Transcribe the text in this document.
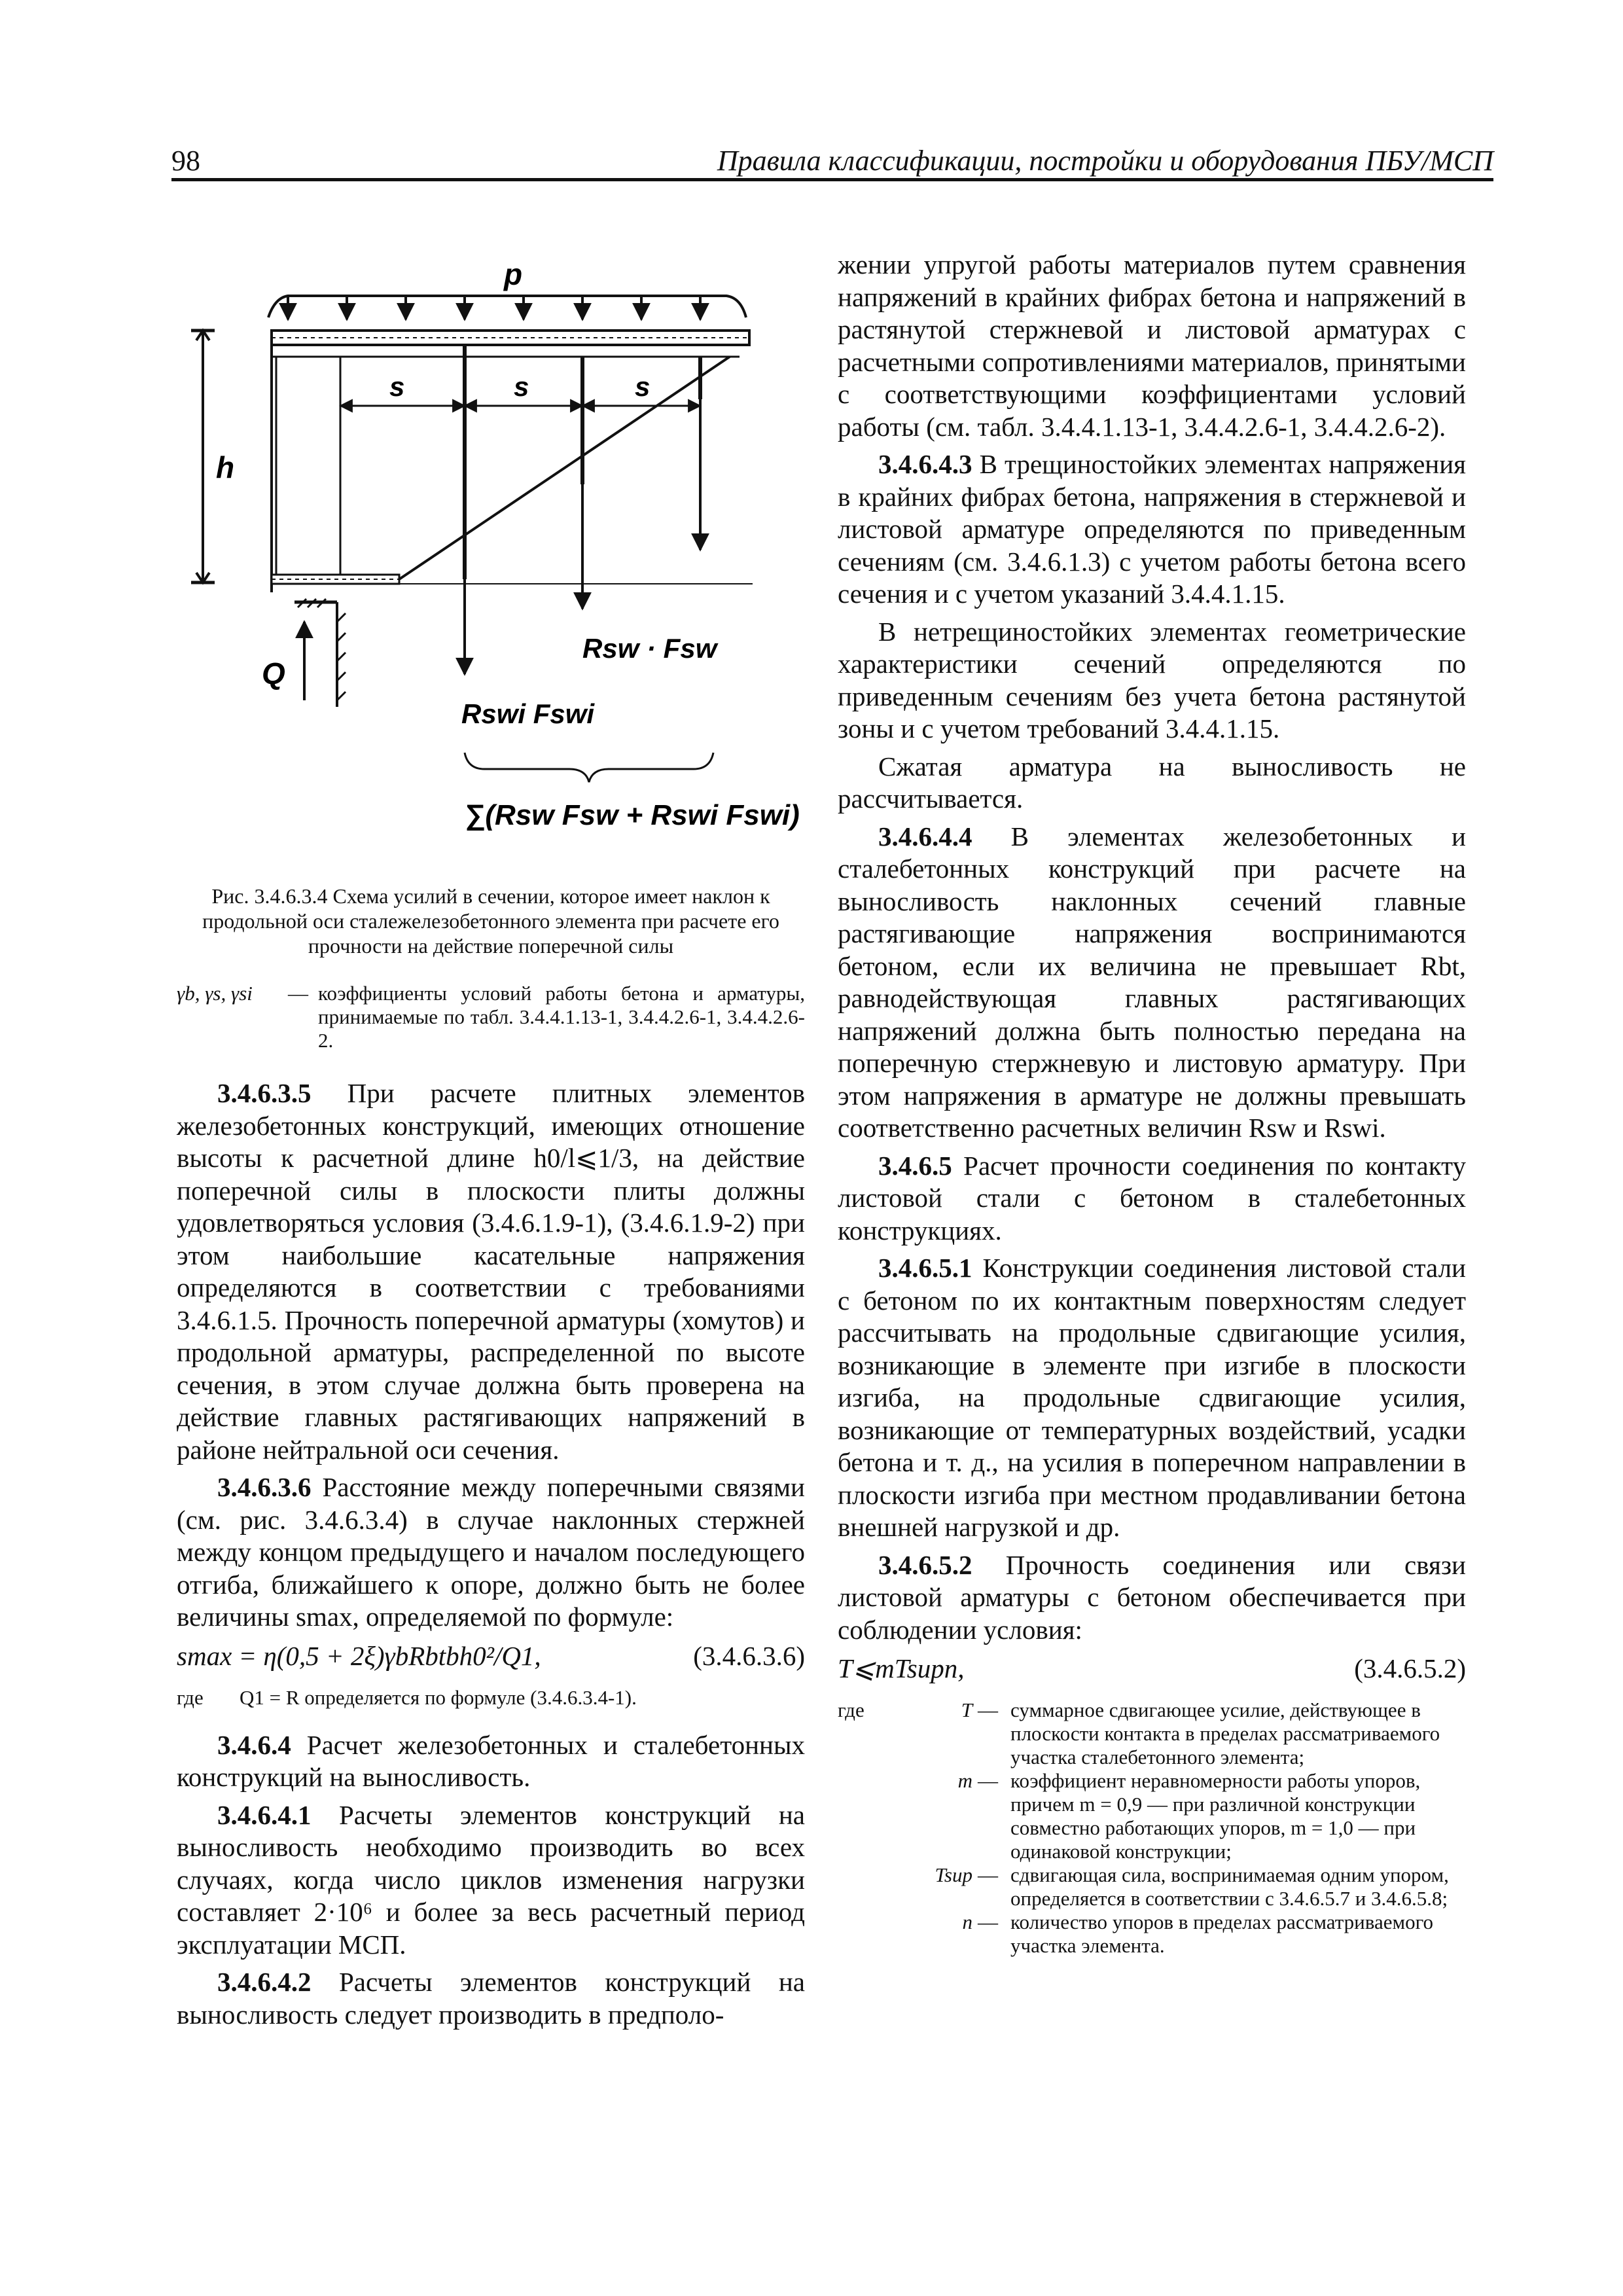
98	Правила классификации, постройки и оборудования ПБУ/МСП
p
h
s	s	s
Q
Rsw · Fsw
Rswi Fswi
∑(Rsw Fsw + Rswi Fswi)
Рис. 3.4.6.3.4 Схема усилий в сечении, которое имеет наклон к продольной оси сталежелезобетонного элемента при расчете его прочности на действие поперечной силы
γb, γs, γsi	— коэффициенты условий работы бетона и арматуры, принимаемые по табл. 3.4.4.1.13-1, 3.4.4.2.6-1, 3.4.4.2.6-2.

3.4.6.3.5 При расчете плитных элементов железобетонных конструкций, имеющих отношение высоты к расчетной длине h0/l⩽1/3, на действие поперечной силы в плоскости плиты должны удовлетворяться условия (3.4.6.1.9-1), (3.4.6.1.9-2) при этом наибольшие касательные напряжения определяются в соответствии с требованиями 3.4.6.1.5. Прочность поперечной арматуры (хомутов) и продольной арматуры, распределенной по высоте сечения, в этом случае должна быть проверена на действие главных растягивающих напряжений в районе нейтральной оси сечения.

3.4.6.3.6 Расстояние между поперечными связями (см. рис. 3.4.6.3.4) в случае наклонных стержней между концом предыдущего и началом последующего отгиба, ближайшего к опоре, должно быть не более величины smax, определяемой по формуле:

smax = η(0,5 + 2ξ)γbRbtbh0²/Q1,	(3.4.6.3.6)
где	Q1 = R определяется по формуле (3.4.6.3.4-1).

3.4.6.4 Расчет железобетонных и сталебетонных конструкций на выносливость.

3.4.6.4.1 Расчеты элементов конструкций на выносливость необходимо производить во всех случаях, когда число циклов изменения нагрузки составляет 2·10⁶ и более за весь расчетный период эксплуатации МСП.

3.4.6.4.2 Расчеты элементов конструкций на выносливость следует производить в предполо-

жении упругой работы материалов путем сравнения напряжений в крайних фибрах бетона и напряжений в растянутой стержневой и листовой арматурах с расчетными сопротивлениями материалов, принятыми с соответствующими коэффициентами условий работы (см. табл. 3.4.4.1.13-1, 3.4.4.2.6-1, 3.4.4.2.6-2).

3.4.6.4.3 В трещиностойких элементах напряжения в крайних фибрах бетона, напряжения в стержневой и листовой арматуре определяются по приведенным сечениям (см. 3.4.6.1.3) с учетом работы бетона всего сечения и с учетом указаний 3.4.4.1.15.

В нетрещиностойких элементах геометрические характеристики сечений определяются по приведенным сечениям без учета бетона растянутой зоны и с учетом требований 3.4.4.1.15.

Сжатая арматура на выносливость не рассчитывается.

3.4.6.4.4 В элементах железобетонных и сталебетонных конструкций при расчете на выносливость наклонных сечений главные растягивающие напряжения воспринимаются бетоном, если их величина не превышает Rbt, равнодействующая главных растягивающих напряжений должна быть полностью передана на поперечную стержневую и листовую арматуру. При этом напряжения в арматуре не должны превышать соответственно расчетных величин Rsw и Rswi.

3.4.6.5 Расчет прочности соединения по контакту листовой стали с бетоном в сталебетонных конструкциях.

3.4.6.5.1 Конструкции соединения листовой стали с бетоном по их контактным поверхностям следует рассчитывать на продольные сдвигающие усилия, возникающие в элементе при изгибе в плоскости изгиба, на продольные сдвигающие усилия, возникающие от температурных воздействий, усадки бетона и т. д., на усилия в поперечном направлении в плоскости изгиба при местном продавливании бетона внешней нагрузкой и др.

3.4.6.5.2 Прочность соединения или связи листовой арматуры с бетоном обеспечивается при соблюдении условия:

T⩽mTsupn,	(3.4.6.5.2)
где	T — суммарное сдвигающее усилие, действующее в плоскости контакта в пределах рассматриваемого участка сталебетонного элемента;
m — коэффициент неравномерности работы упоров, причем m = 0,9 — при различной конструкции совместно работающих упоров, m = 1,0 — при одинаковой конструкции;
Tsup — сдвигающая сила, воспринимаемая одним упором, определяется в соответствии с 3.4.6.5.7 и 3.4.6.5.8;
n — количество упоров в пределах рассматриваемого участка элемента.
